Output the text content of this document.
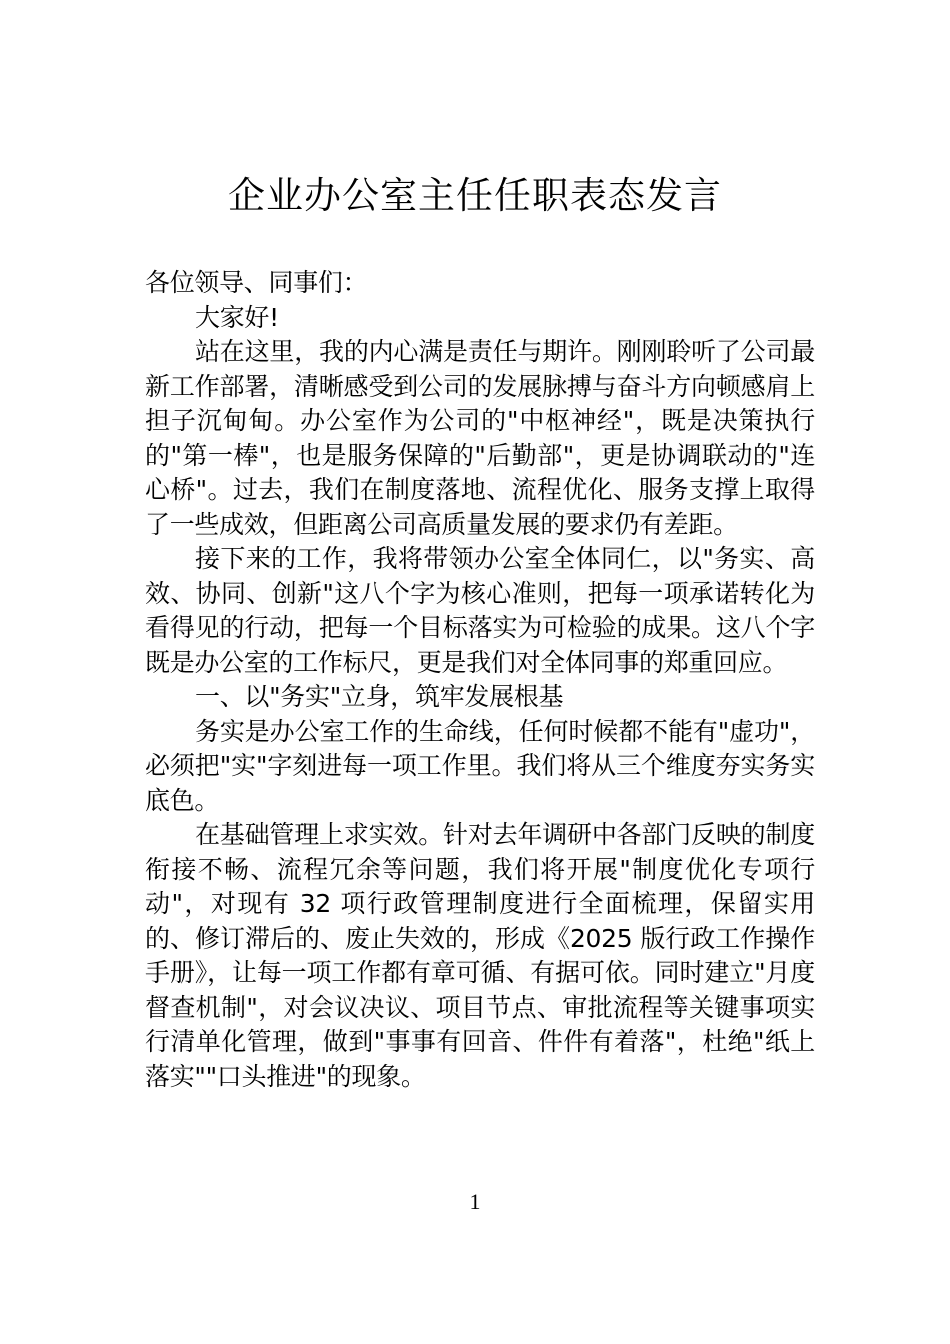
企业办公室主任任职表态发言

各位领导、同事们：

大家好!

站在这里，我的内心满是责任与期许。刚刚聆听了公司最新工作部署，清晰感受到公司的发展脉搏与奋斗方向顿感肩上担子沉甸甸。办公室作为公司的"中枢神经"，既是决策执行的"第一棒"，也是服务保障的"后勤部"，更是协调联动的"连心桥"。过去，我们在制度落地、流程优化、服务支撑上取得了一些成效，但距离公司高质量发展的要求仍有差距。

接下来的工作，我将带领办公室全体同仁，以"务实、高效、协同、创新"这八个字为核心准则，把每一项承诺转化为看得见的行动，把每一个目标落实为可检验的成果。这八个字既是办公室的工作标尺，更是我们对全体同事的郑重回应。

一、以"务实"立身，筑牢发展根基

务实是办公室工作的生命线，任何时候都不能有"虚功"，必须把"实"字刻进每一项工作里。我们将从三个维度夯实务实底色。

在基础管理上求实效。针对去年调研中各部门反映的制度衔接不畅、流程冗余等问题，我们将开展"制度优化专项行动"，对现有 32 项行政管理制度进行全面梳理，保留实用的、修订滞后的、废止失效的，形成《2025 版行政工作操作手册》，让每一项工作都有章可循、有据可依。同时建立"月度督查机制"，对会议决议、项目节点、审批流程等关键事项实行清单化管理，做到"事事有回音、件件有着落"，杜绝"纸上落实""口头推进"的现象。

1
